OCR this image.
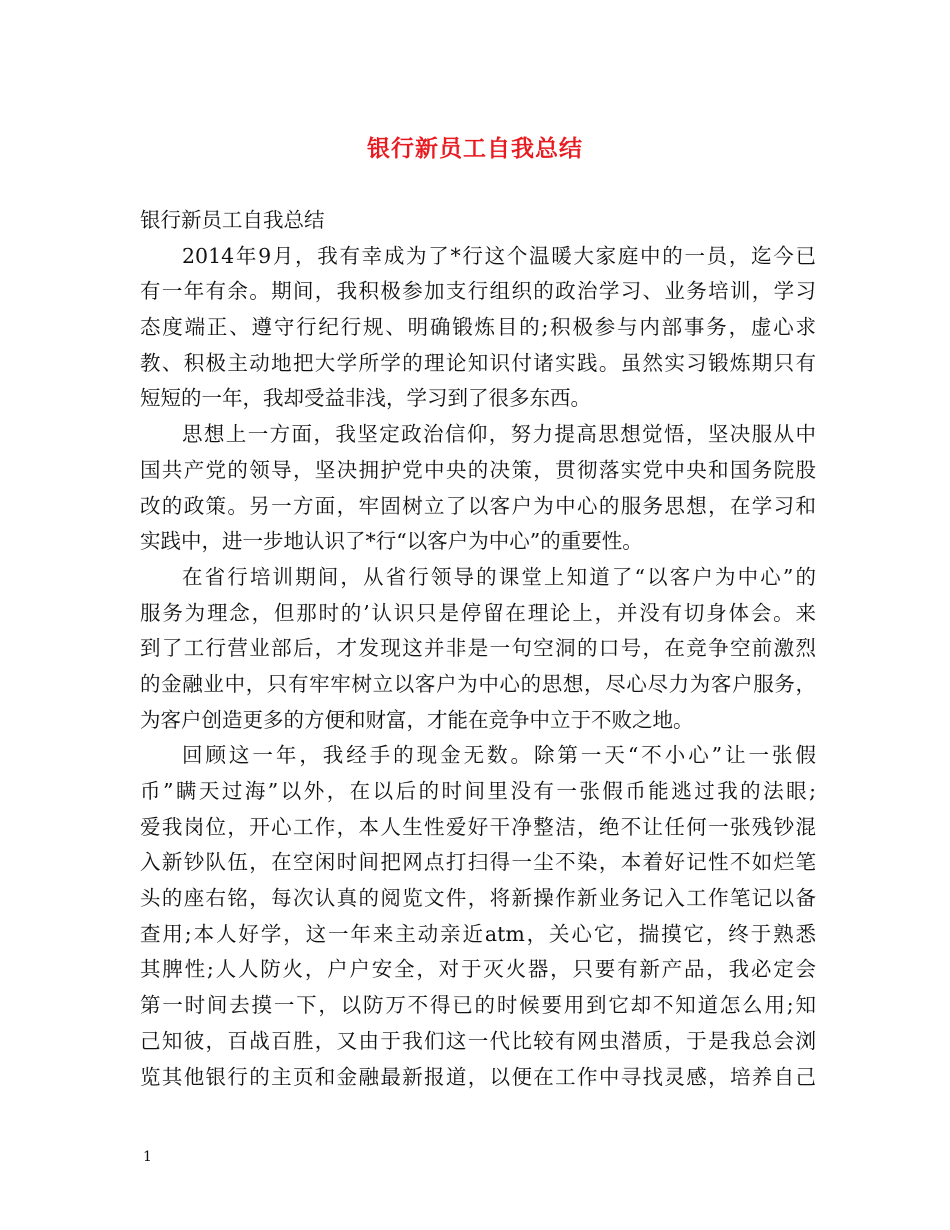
银行新员工自我总结
银行新员工自我总结
2014年9月，我有幸成为了*行这个温暖大家庭中的一员，迄今已
有一年有余。期间，我积极参加支行组织的政治学习、业务培训，学习
态度端正、遵守行纪行规、明确锻炼目的;积极参与内部事务，虚心求
教、积极主动地把大学所学的理论知识付诸实践。虽然实习锻炼期只有
短短的一年，我却受益非浅，学习到了很多东西。
思想上一方面，我坚定政治信仰，努力提高思想觉悟，坚决服从中
国共产党的领导，坚决拥护党中央的决策，贯彻落实党中央和国务院股
改的政策。另一方面，牢固树立了以客户为中心的服务思想，在学习和
实践中，进一步地认识了*行“以客户为中心”的重要性。
在省行培训期间，从省行领导的课堂上知道了“以客户为中心”的
服务为理念，但那时的’认识只是停留在理论上，并没有切身体会。来
到了工行营业部后，才发现这并非是一句空洞的口号，在竞争空前激烈
的金融业中，只有牢牢树立以客户为中心的思想，尽心尽力为客户服务，
为客户创造更多的方便和财富，才能在竞争中立于不败之地。
回顾这一年，我经手的现金无数。除第一天“不小心”让一张假
币”瞒天过海”以外，在以后的时间里没有一张假币能逃过我的法眼;
爱我岗位，开心工作，本人生性爱好干净整洁，绝不让任何一张残钞混
入新钞队伍，在空闲时间把网点打扫得一尘不染，本着好记性不如烂笔
头的座右铭，每次认真的阅览文件，将新操作新业务记入工作笔记以备
查用;本人好学，这一年来主动亲近atm，关心它，揣摸它，终于熟悉
其脾性;人人防火，户户安全，对于灭火器，只要有新产品，我必定会
第一时间去摸一下，以防万不得已的时候要用到它却不知道怎么用;知
己知彼，百战百胜，又由于我们这一代比较有网虫潜质，于是我总会浏
览其他银行的主页和金融最新报道，以便在工作中寻找灵感，培养自己
1
